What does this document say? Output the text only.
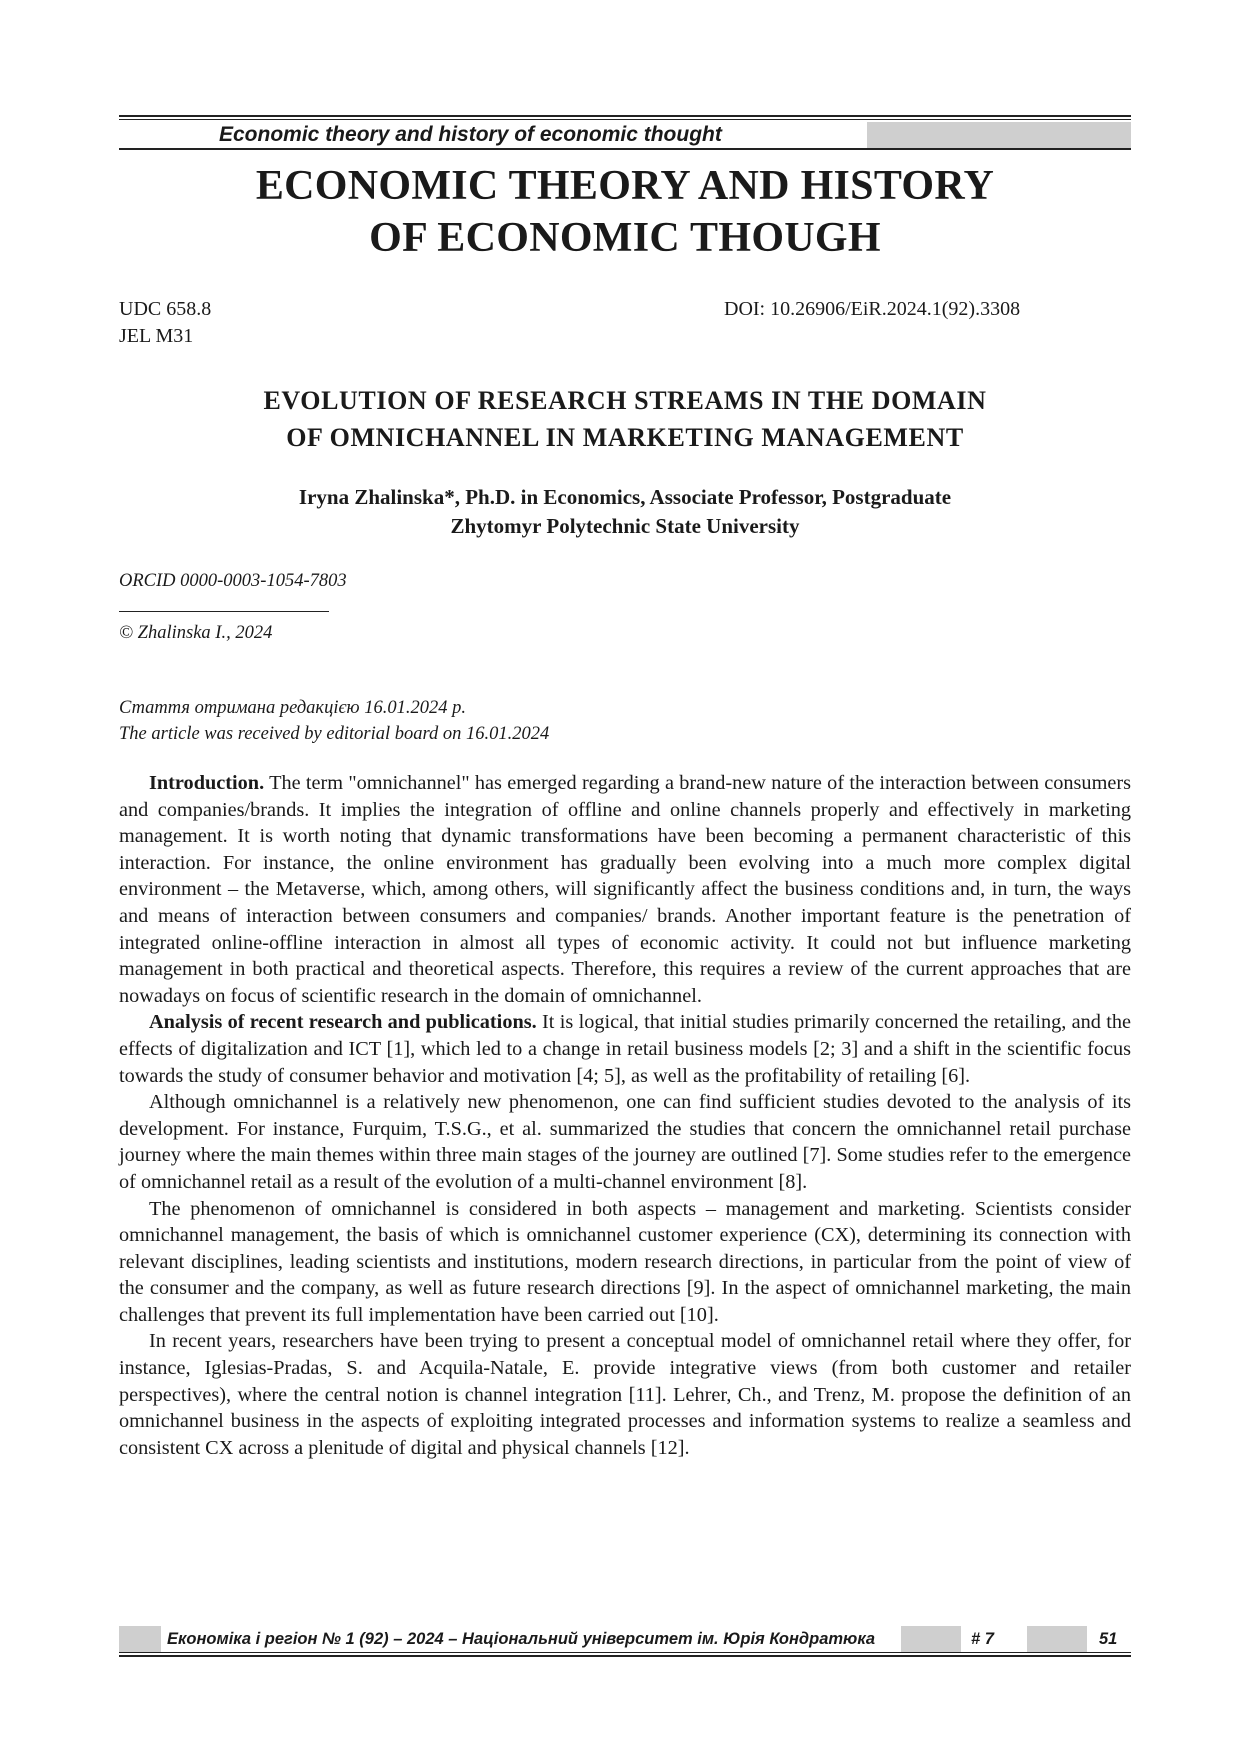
Economic theory and history of economic thought
ECONOMIC THEORY AND HISTORY
OF ECONOMIC THOUGH
UDC 658.8
JEL M31
DOI: 10.26906/EiR.2024.1(92).3308
EVOLUTION OF RESEARCH STREAMS IN THE DOMAIN
OF OMNICHANNEL IN MARKETING MANAGEMENT
Iryna Zhalinska*, Ph.D. in Economics, Associate Professor, Postgraduate
Zhytomyr Polytechnic State University
ORCID 0000-0003-1054-7803
© Zhalinska I., 2024
Стаття отримана редакцією 16.01.2024 р.
The article was received by editorial board on 16.01.2024

Introduction. The term "omnichannel" has emerged regarding a brand-new nature of the interaction between consumers and companies/brands. It implies the integration of offline and online channels properly and effectively in marketing management. It is worth noting that dynamic transformations have been becoming a permanent characteristic of this interaction. For instance, the online environment has gradually been evolving into a much more complex digital environment – the Metaverse, which, among others, will significantly affect the business conditions and, in turn, the ways and means of interaction between consumers and companies/ brands. Another important feature is the penetration of integrated online-offline interaction in almost all types of economic activity. It could not but influence marketing management in both practical and theoretical aspects. Therefore, this requires a review of the current approaches that are nowadays on focus of scientific research in the domain of omnichannel.

Analysis of recent research and publications. It is logical, that initial studies primarily concerned the retailing, and the effects of digitalization and ICT [1], which led to a change in retail business models [2; 3] and a shift in the scientific focus towards the study of consumer behavior and motivation [4; 5], as well as the profitability of retailing [6].

Although omnichannel is a relatively new phenomenon, one can find sufficient studies devoted to the analysis of its development. For instance, Furquim, T.S.G., et al. summarized the studies that concern the omnichannel retail purchase journey where the main themes within three main stages of the journey are outlined [7]. Some studies refer to the emergence of omnichannel retail as a result of the evolution of a multi-channel environment [8].

The phenomenon of omnichannel is considered in both aspects – management and marketing. Scientists consider omnichannel management, the basis of which is omnichannel customer experience (CX), determining its connection with relevant disciplines, leading scientists and institutions, modern research directions, in particular from the point of view of the consumer and the company, as well as future research directions [9]. In the aspect of omnichannel marketing, the main challenges that prevent its full implementation have been carried out [10].

In recent years, researchers have been trying to present a conceptual model of omnichannel retail where they offer, for instance, Iglesias-Pradas, S. and Acquila-Natale, E. provide integrative views (from both customer and retailer perspectives), where the central notion is channel integration [11]. Lehrer, Ch., and Trenz, M. propose the definition of an omnichannel business in the aspects of exploiting integrated processes and information systems to realize a seamless and consistent CX across a plenitude of digital and physical channels [12].

Економіка і регіон № 1 (92) – 2024 – Національний університет ім. Юрія Кондратюка	# 7	51
